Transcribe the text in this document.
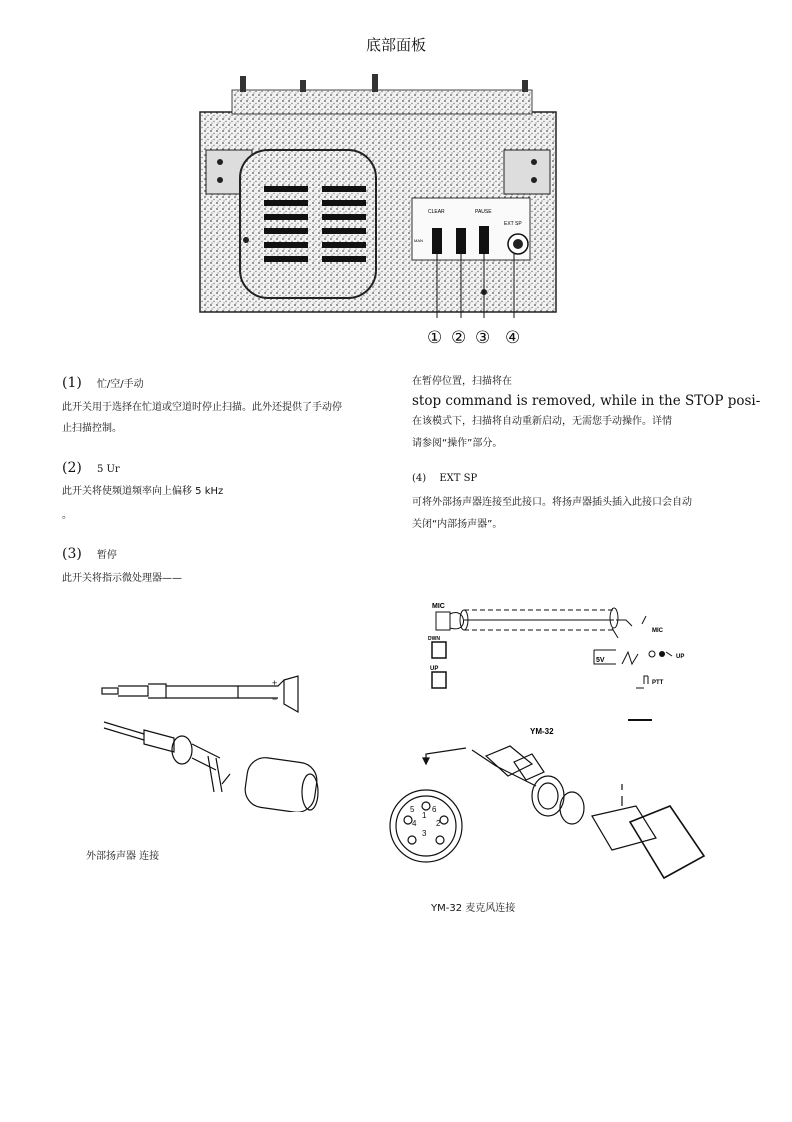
底部面板
CLEAR	PAUSE
EXT SP
MAN
① ② ③ ④
(1) 忙/空/手动
此开关用于选择在忙道或空道时停止扫描。此外还提供了手动停
止扫描控制。
(2) 5 Ur
此开关将使频道频率向上偏移 5 kHz
。
(3) 暂停
此开关将指示微处理器——
在暂停位置，扫描将在
stop command is removed, while in the STOP posi-
在该模式下，扫描将自动重新启动，无需您手动操作。详情
请参阅“操作”部分。
(4) EXT SP
可将外部扬声器连接至此接口。将扬声器插头插入此接口会自动
关闭“内部扬声器”。
MIC
MIC
DWN
UP
5V	UP
PTT
YM-32
+
−
1
2
3
4
5 6
外部扬声器 连接
YM-32 麦克风连接
